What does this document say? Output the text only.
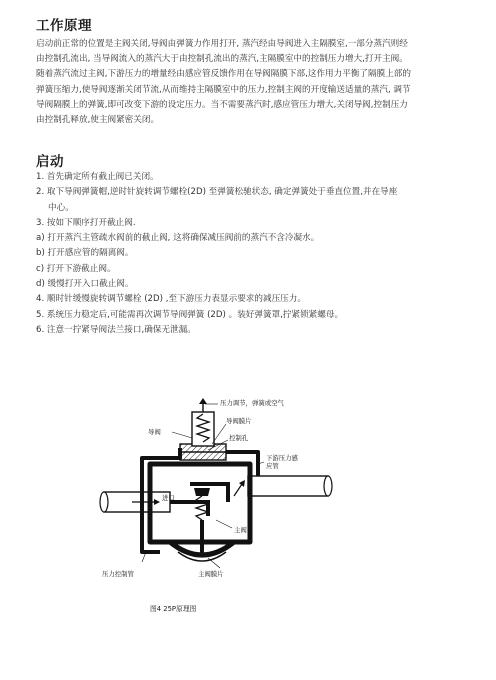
工作原理
启动前正常的位置是主阀关闭,导阀由弹簧力作用打开, 蒸汽经由导阀进入主隔膜室,一部分蒸汽则经
由控制孔流出, 当导阀流入的蒸汽大于由控制孔流出的蒸汽,主隔膜室中的控制压力增大,打开主阀。
随着蒸汽流过主阀,下游压力的增量经由感应管反馈作用在导阀隔膜下部,这作用力平衡了隔膜上部的
弹簧压缩力,使导阀逐渐关闭节流,从而维持主隔膜室中的压力,控制主阀的开度输送适量的蒸汽, 调节
导阀隔膜上的弹簧,即可改变下游的设定压力。当不需要蒸汽时,感应管压力增大,关闭导阀,控制压力
由控制孔释放,使主阀紧密关闭。
启动
1. 首先确定所有截止阀已关闭。
2. 取下导阀弹簧帽,逆时针旋转调节螺栓(2D) 至弹簧松驰状态, 确定弹簧处于垂直位置,并在导座
中心。
3. 按如下顺序打开截止阀.
a) 打开蒸汽主管疏水阀前的截止阀, 这将确保减压阀前的蒸汽不含冷凝水。
b) 打开感应管的隔离阀。
c) 打开下游截止阀。
d) 缓慢打开入口截止阀。
4. 顺时针缓慢旋转调节螺栓 (2D) ,至下游压力表显示要求的减压压力。
5. 系统压力稳定后,可能需再次调节导阀弹簧 (2D) 。装好弹簧罩,拧紧锁紧螺母。
6. 注意一拧紧导阀法兰接口,确保无泄漏。
压力调节，弹簧或空气
导阀
导阀膜片
控制孔
下游压力感
应管
进口
主阀
压力控制管	主阀膜片
图4 25P原理图
